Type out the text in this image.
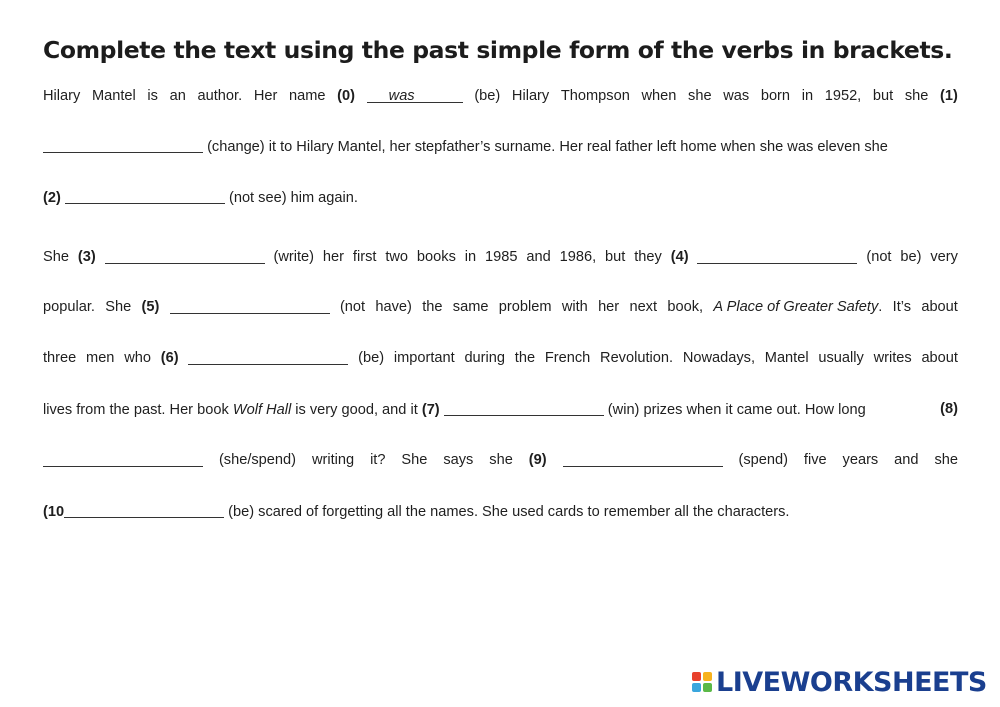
Complete the text using the past simple form of the verbs in brackets.
Hilary Mantel is an author. Her name (0)	was	(be) Hilary Thompson when she was born in 1952, but she (1)
(change) it to Hilary Mantel, her stepfather’s surname. Her real father left home when she was eleven she
(2)	(not see) him again.
She (3)	(write) her first two books in 1985 and 1986, but they (4)	(not be) very
popular. She (5)	(not have) the same problem with her next book, A Place of Greater Safety. It’s about
three men who (6)	(be) important during the French Revolution. Nowadays, Mantel usually writes about
lives from the past. Her book Wolf Hall is very good, and it (7)	(win) prizes when it came out. How long	(8)
(she/spend) writing it? She says she (9)	(spend) five years and she
(10	(be) scared of forgetting all the names. She used cards to remember all the characters.
LIVEWORKSHEETS
